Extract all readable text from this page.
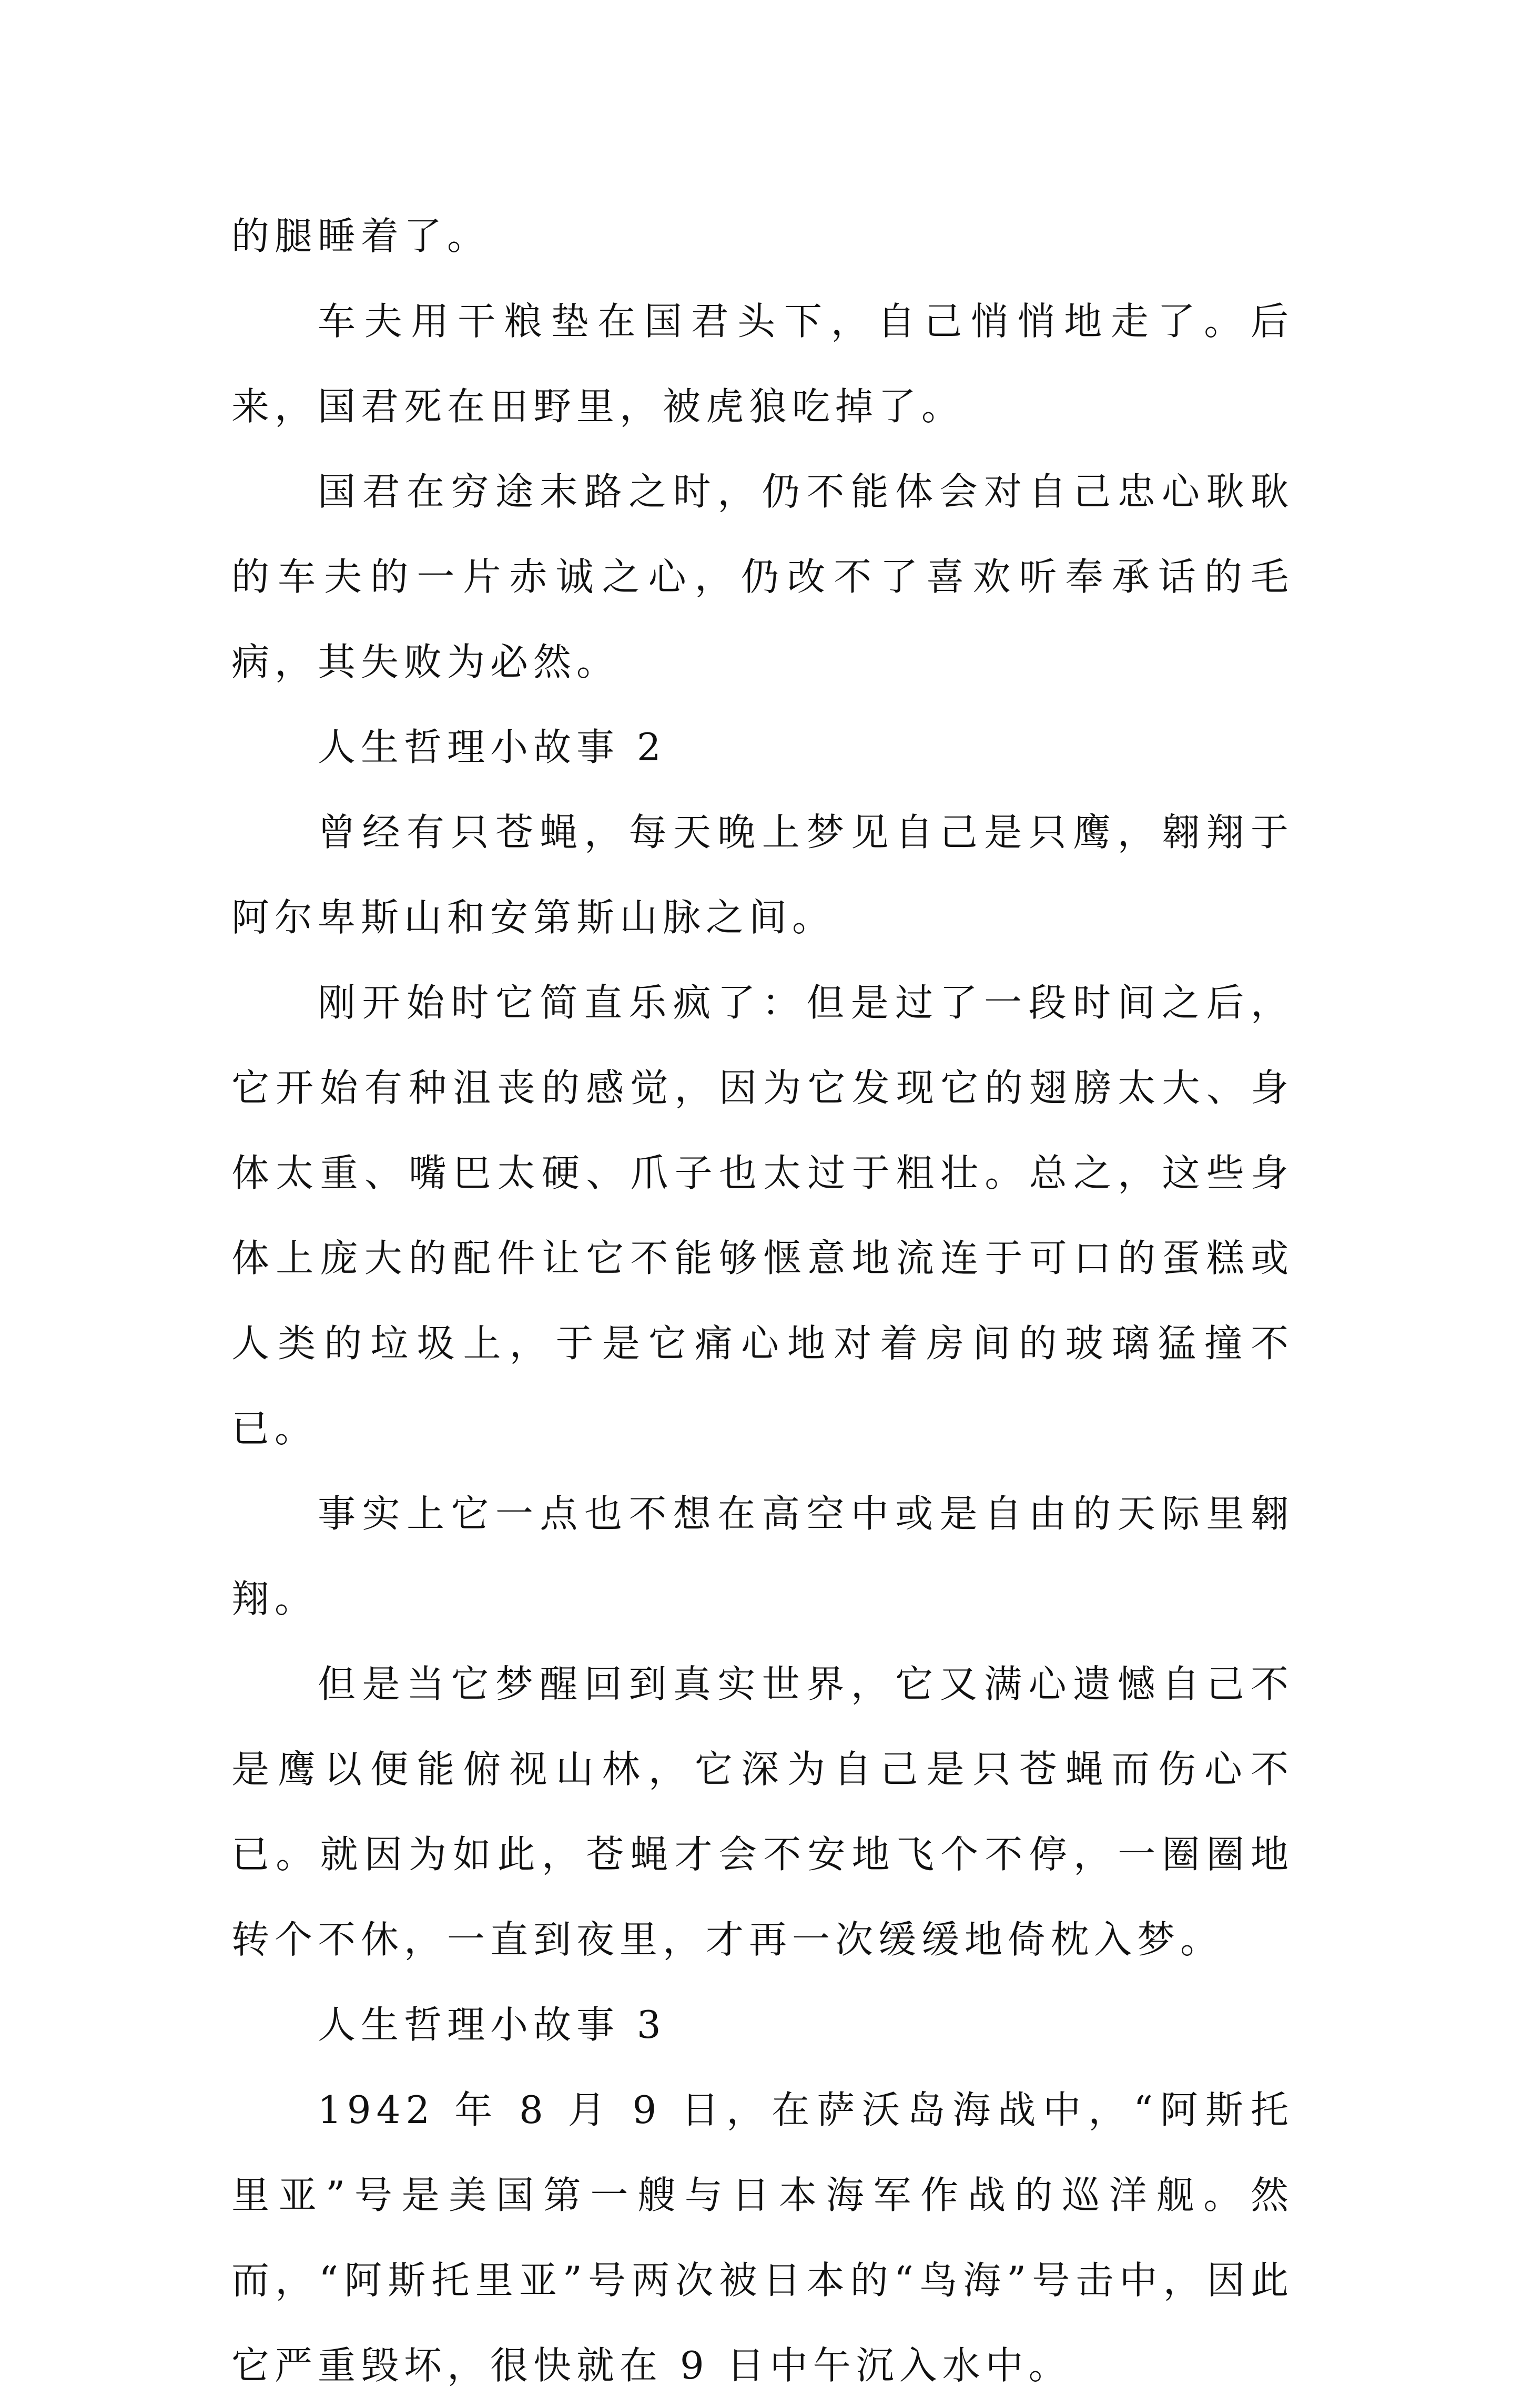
的腿睡着了。

车夫用干粮垫在国君头下，自己悄悄地走了。后来，国君死在田野里，被虎狼吃掉了。

国君在穷途末路之时，仍不能体会对自己忠心耿耿的车夫的一片赤诚之心，仍改不了喜欢听奉承话的毛病，其失败为必然。

人生哲理小故事 2

曾经有只苍蝇，每天晚上梦见自己是只鹰，翱翔于阿尔卑斯山和安第斯山脉之间。

刚开始时它简直乐疯了：但是过了一段时间之后，它开始有种沮丧的感觉，因为它发现它的翅膀太大、身体太重、嘴巴太硬、爪子也太过于粗壮。总之，这些身体上庞大的配件让它不能够惬意地流连于可口的蛋糕或人类的垃圾上，于是它痛心地对着房间的玻璃猛撞不已。

事实上它一点也不想在高空中或是自由的天际里翱翔。

但是当它梦醒回到真实世界，它又满心遗憾自己不是鹰以便能俯视山林，它深为自己是只苍蝇而伤心不已。就因为如此，苍蝇才会不安地飞个不停，一圈圈地转个不休，一直到夜里，才再一次缓缓地倚枕入梦。

人生哲理小故事 3

1942 年 8 月 9 日，在萨沃岛海战中，“阿斯托里亚”号是美国第一艘与日本海军作战的巡洋舰。然而，“阿斯托里亚”号两次被日本的“鸟海”号击中，因此它严重毁坏，很快就在 9 日中午沉入水中。
